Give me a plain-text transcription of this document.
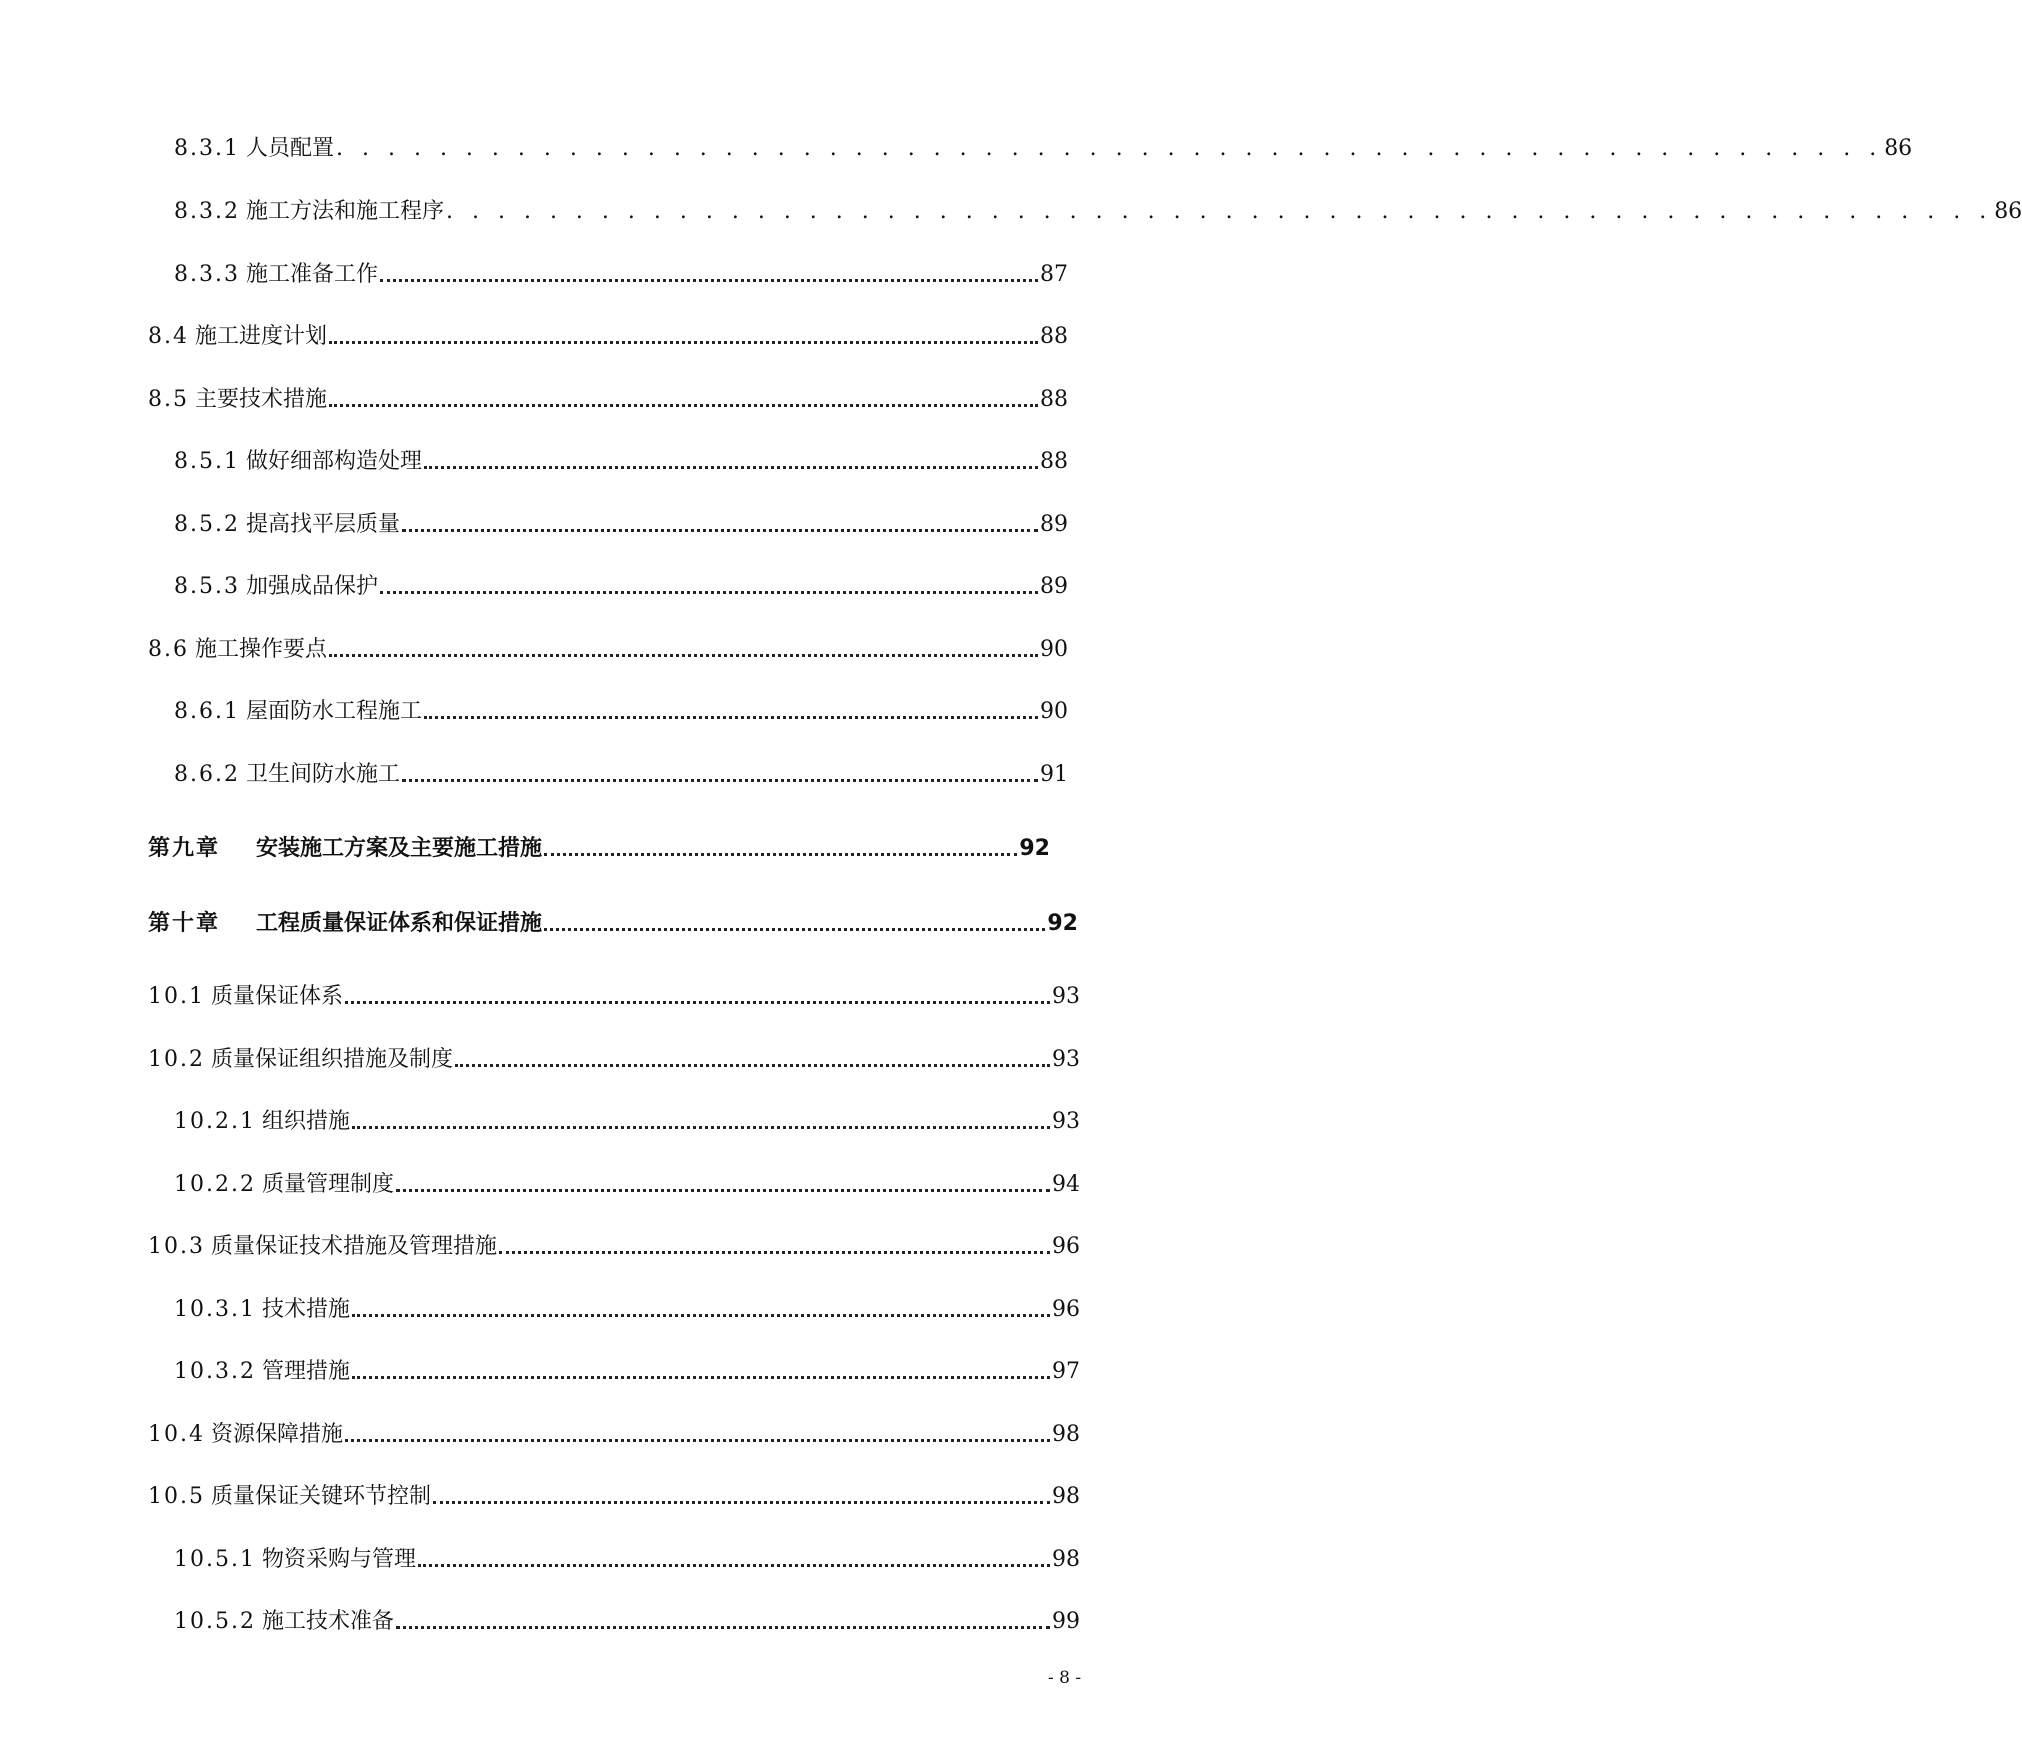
8.3.1 人员配置 . . . . . . . . . . . . . . . . . . . . . . . . . . . . . . . . . . . . . . . . . . . . . . . . . . . . . . . . . . . . 86
8.3.2 施工方法和施工程序 . . . . . . . . . . . . . . . . . . . . . . . . . . . . . . . . . . . . . . . . . . . . . . . . . . . . . . . . . . . . 86
8.3.3 施工准备工作	87
8.4 施工进度计划	88
8.5 主要技术措施	88
8.5.1 做好细部构造处理	88
8.5.2 提高找平层质量	89
8.5.3 加强成品保护	89
8.6 施工操作要点	90
8.6.1 屋面防水工程施工	90
8.6.2 卫生间防水施工	91
第九章 安装施工方案及主要施工措施	92
第十章 工程质量保证体系和保证措施	92
10.1 质量保证体系	93
10.2 质量保证组织措施及制度	93
10.2.1 组织措施	93
10.2.2 质量管理制度	94
10.3 质量保证技术措施及管理措施	96
10.3.1 技术措施	96
10.3.2 管理措施	97
10.4 资源保障措施	98
10.5 质量保证关键环节控制	98
10.5.1 物资采购与管理	98
10.5.2 施工技术准备	99
- 8 -
